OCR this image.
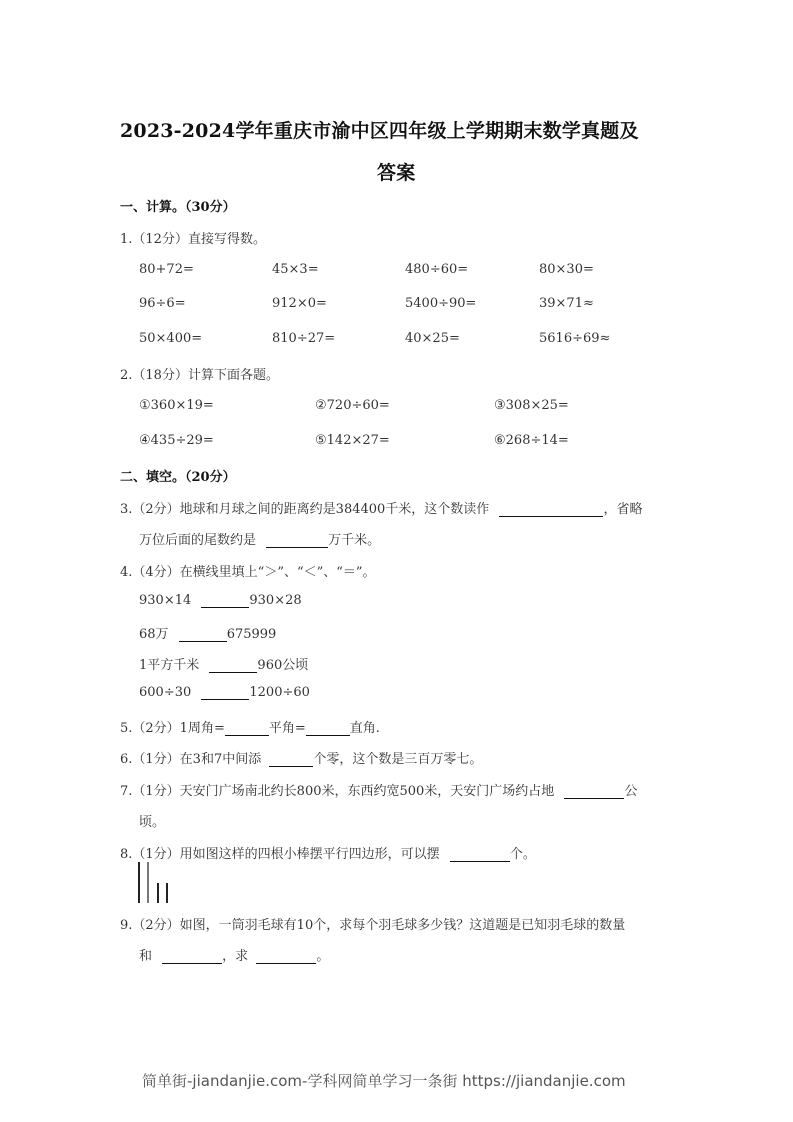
2023-2024学年重庆市渝中区四年级上学期期末数学真题及
答案
一、计算。（30分）
1.（12分）直接写得数。
80+72=	45×3=	480÷60=	80×30=
96÷6=	912×0=	5400÷90=	39×71≈
50×400=	810÷27=	40×25=	5616÷69≈
2.（18分）计算下面各题。
①360×19=	②720÷60=	③308×25=
④435÷29=	⑤142×27=	⑥268÷14=
二、填空。（20分）
3.（2分）地球和月球之间的距离约是384400千米，这个数读作	，省略
万位后面的尾数约是	万千米。
4.（4分）在横线里填上“＞”、“＜”、“＝”。
930×14	930×28
68万	675999
1平方千米	960公顷
600÷30	1200÷60
5.（2分）1周角=	平角=	直角.
6.（1分）在3和7中间添	个零，这个数是三百万零七。
7.（1分）天安门广场南北约长800米，东西约宽500米，天安门广场约占地	公
顷。
8.（1分）用如图这样的四根小棒摆平行四边形，可以摆	个。
9.（2分）如图，一筒羽毛球有10个，求每个羽毛球多少钱？这道题是已知羽毛球的数量
和	，求	。
简单街-jiandanjie.com-学科网简单学习一条街 https://jiandanjie.com
